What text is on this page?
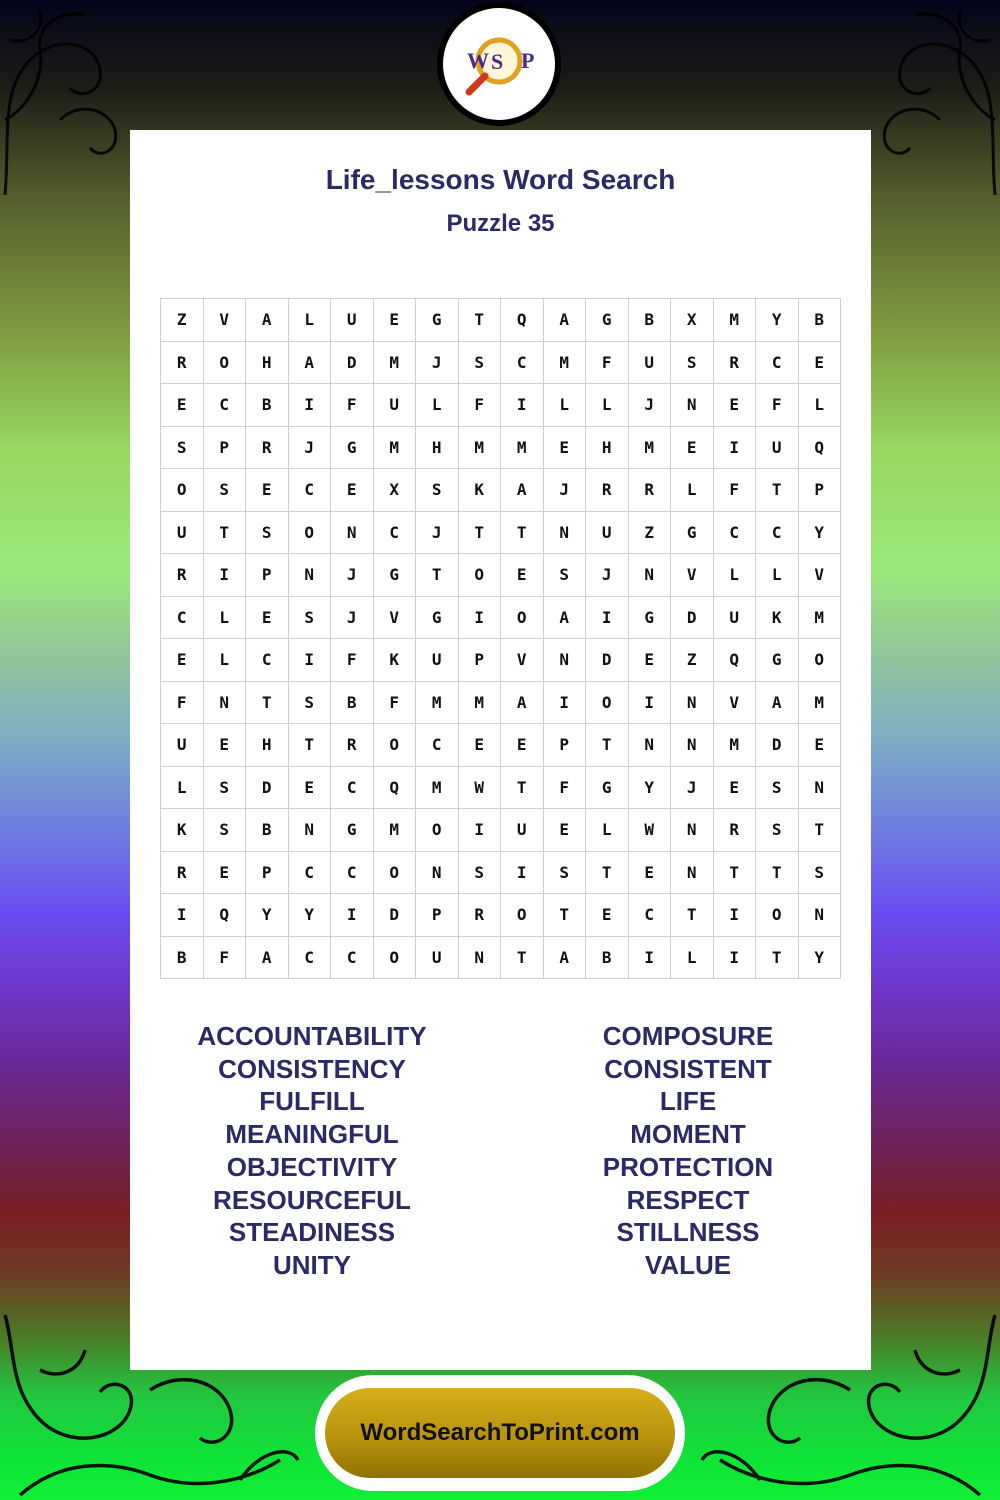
W S P
Life_lessons Word Search
Puzzle 35
Z	V	A	L	U	E	G	T	Q	A	G	B	X	M	Y	B
R	O	H	A	D	M	J	S	C	M	F	U	S	R	C	E
E	C	B	I	F	U	L	F	I	L	L	J	N	E	F	L
S	P	R	J	G	M	H	M	M	E	H	M	E	I	U	Q
O	S	E	C	E	X	S	K	A	J	R	R	L	F	T	P
U	T	S	O	N	C	J	T	T	N	U	Z	G	C	C	Y
R	I	P	N	J	G	T	O	E	S	J	N	V	L	L	V
C	L	E	S	J	V	G	I	O	A	I	G	D	U	K	M
E	L	C	I	F	K	U	P	V	N	D	E	Z	Q	G	O
F	N	T	S	B	F	M	M	A	I	O	I	N	V	A	M
U	E	H	T	R	O	C	E	E	P	T	N	N	M	D	E
L	S	D	E	C	Q	M	W	T	F	G	Y	J	E	S	N
K	S	B	N	G	M	O	I	U	E	L	W	N	R	S	T
R	E	P	C	C	O	N	S	I	S	T	E	N	T	T	S
I	Q	Y	Y	I	D	P	R	O	T	E	C	T	I	O	N
B	F	A	C	C	O	U	N	T	A	B	I	L	I	T	Y
ACCOUNTABILITY
CONSISTENCY
FULFILL
MEANINGFUL
OBJECTIVITY
RESOURCEFUL
STEADINESS
UNITY
COMPOSURE
CONSISTENT
LIFE
MOMENT
PROTECTION
RESPECT
STILLNESS
VALUE
WordSearchToPrint.com
